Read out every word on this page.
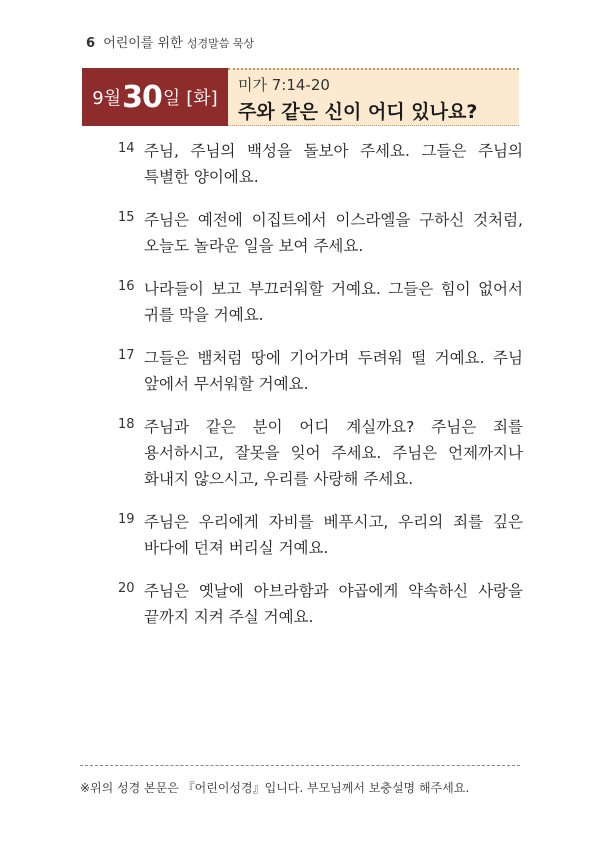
6 어린이를 위한 성경말씀 묵상
9월 30 일 [화]
미가 7:14-20
주와 같은 신이 어디 있나요?
14 주님, 주님의 백성을 돌보아 주세요. 그들은 주님의 특별한 양이에요.
15 주님은 예전에 이집트에서 이스라엘을 구하신 것처럼, 오늘도 놀라운 일을 보여 주세요.
16 나라들이 보고 부끄러워할 거예요. 그들은 힘이 없어서 귀를 막을 거예요.
17 그들은 뱀처럼 땅에 기어가며 두려워 떨 거예요. 주님 앞에서 무서워할 거예요.
18 주님과 같은 분이 어디 계실까요? 주님은 죄를 용서하시고, 잘못을 잊어 주세요. 주님은 언제까지나 화내지 않으시고, 우리를 사랑해 주세요.
19 주님은 우리에게 자비를 베푸시고, 우리의 죄를 깊은 바다에 던져 버리실 거예요.
20 주님은 옛날에 아브라함과 야곱에게 약속하신 사랑을 끝까지 지켜 주실 거예요.
※위의 성경 본문은 『어린이성경』입니다. 부모님께서 보충설명 해주세요.
